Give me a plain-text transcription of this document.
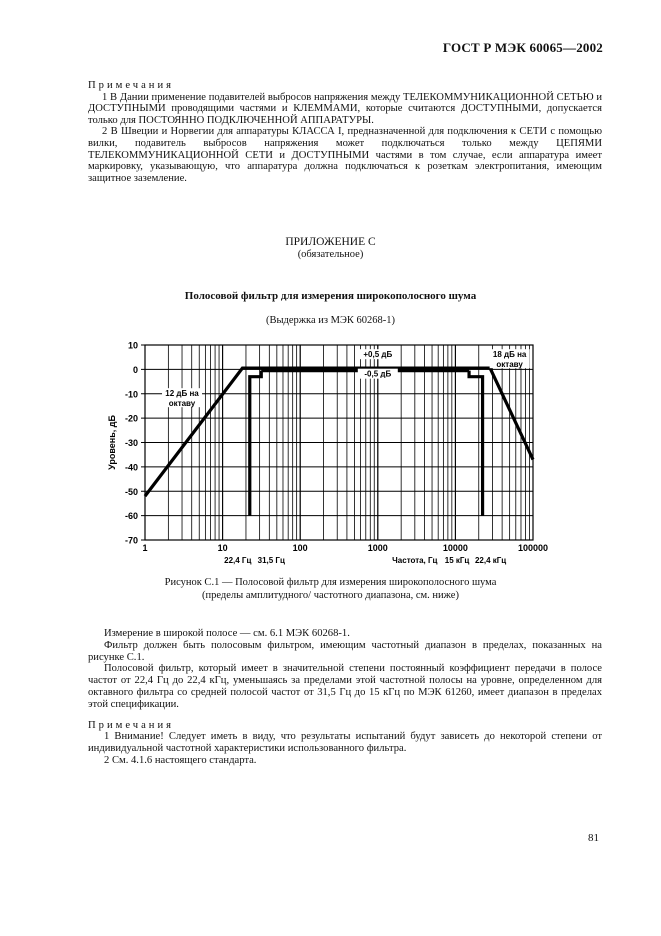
ГОСТ Р МЭК 60065—2002

Примечания

1 В Дании применение подавителей выбросов напряжения между ТЕЛЕКОММУНИКАЦИОННОЙ СЕТЬЮ и ДОСТУПНЫМИ проводящими частями и КЛЕММАМИ, которые считаются ДОСТУПНЫМИ, допускается только для ПОСТОЯННО ПОДКЛЮЧЕННОЙ АППАРАТУРЫ.

2 В Швеции и Норвегии для аппаратуры КЛАССА I, предназначенной для подключения к СЕТИ с помощью вилки, подавитель выбросов напряжения может подключаться только между ЦЕПЯМИ ТЕЛЕКОММУНИКАЦИОННОЙ СЕТИ и ДОСТУПНЫМИ частями в том случае, если аппаратура имеет маркировку, указывающую, что аппаратура должна подключаться к розеткам электропитания, имеющим защитное заземление.

ПРИЛОЖЕНИЕ С
(обязательное)
Полосовой фильтр для измерения широкополосного шума
(Выдержка из МЭК 60268-1)
10
0
-10
-20
-30
-40
-50
-60
-70
1	10	100	1000	10000	100000
22,4 Гц 31,5 Гц	15 кГц 22,4 кГц
Частота, Гц
Уровень, дБ
+0,5 дБ
-0,5 дБ
12 дБ на
октаву
18 дБ на
октаву
Рисунок С.1 — Полосовой фильтр для измерения широкополосного шума
(пределы амплитудного/ частотного диапазона, см. ниже)

Измерение в широкой полосе — см. 6.1 МЭК 60268-1.

Фильтр должен быть полосовым фильтром, имеющим частотный диапазон в пределах, показанных на рисунке С.1.

Полосовой фильтр, который имеет в значительной степени постоянный коэффициент передачи в полосе частот от 22,4 Гц до 22,4 кГц, уменьшаясь за пределами этой частотной полосы на уровне, определенном для октавного фильтра со средней полосой частот от 31,5 Гц до 15 кГц по МЭК 61260, имеет диапазон в пределах этой спецификации.

Примечания

1 Внимание! Следует иметь в виду, что результаты испытаний будут зависеть до некоторой степени от индивидуальной частотной характеристики использованного фильтра.

2 См. 4.1.6 настоящего стандарта.

81
